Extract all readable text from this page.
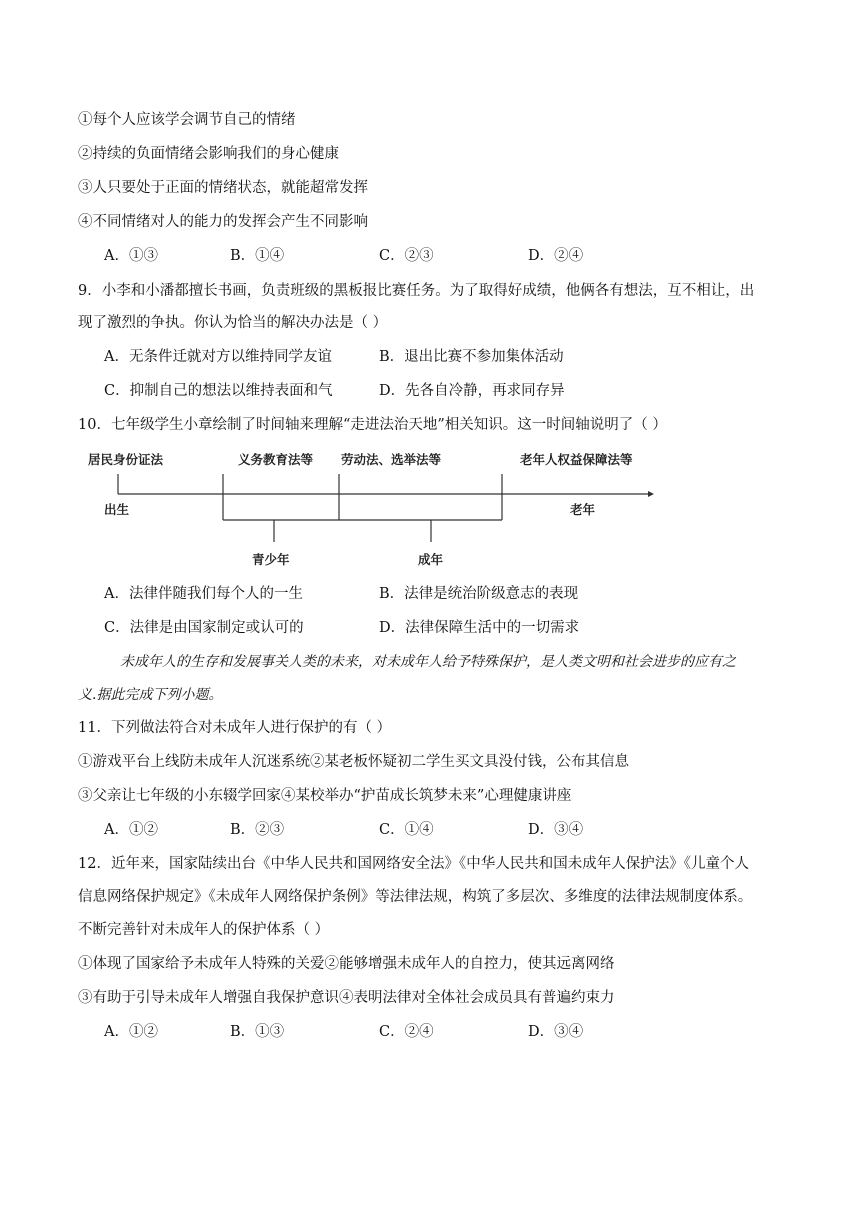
①每个人应该学会调节自己的情绪
②持续的负面情绪会影响我们的身心健康
③人只要处于正面的情绪状态，就能超常发挥
④不同情绪对人的能力的发挥会产生不同影响
A．①③	B．①④	C．②③	D．②④
9．小李和小潘都擅长书画，负责班级的黑板报比赛任务。为了取得好成绩，他俩各有想法，互不相让，出
现了激烈的争执。你认为恰当的解决办法是（ ）
A．无条件迁就对方以维持同学友谊	B．退出比赛不参加集体活动
C．抑制自己的想法以维持表面和气	D．先各自冷静，再求同存异
10．七年级学生小章绘制了时间轴来理解“走进法治天地”相关知识。这一时间轴说明了（ ）
居民身份证法	义务教育法等 劳动法、选举法等	老年人权益保障法等
出生
青少年	成年
老年
A．法律伴随我们每个人的一生	B．法律是统治阶级意志的表现
C．法律是由国家制定或认可的	D．法律保障生活中的一切需求
未成年人的生存和发展事关人类的未来，对未成年人给予特殊保护，是人类文明和社会进步的应有之
义.据此完成下列小题。
11．下列做法符合对未成年人进行保护的有（ ）
①游戏平台上线防未成年人沉迷系统②某老板怀疑初二学生买文具没付钱，公布其信息
③父亲让七年级的小东辍学回家④某校举办“护苗成长筑梦未来”心理健康讲座
A．①②	B．②③	C．①④	D．③④
12．近年来，国家陆续出台《中华人民共和国网络安全法》《中华人民共和国未成年人保护法》《儿童个人
信息网络保护规定》《未成年人网络保护条例》等法律法规，构筑了多层次、多维度的法律法规制度体系。
不断完善针对未成年人的保护体系（ ）
①体现了国家给予未成年人特殊的关爱②能够增强未成年人的自控力，使其远离网络
③有助于引导未成年人增强自我保护意识④表明法律对全体社会成员具有普遍约束力
A．①②	B．①③	C．②④	D．③④
